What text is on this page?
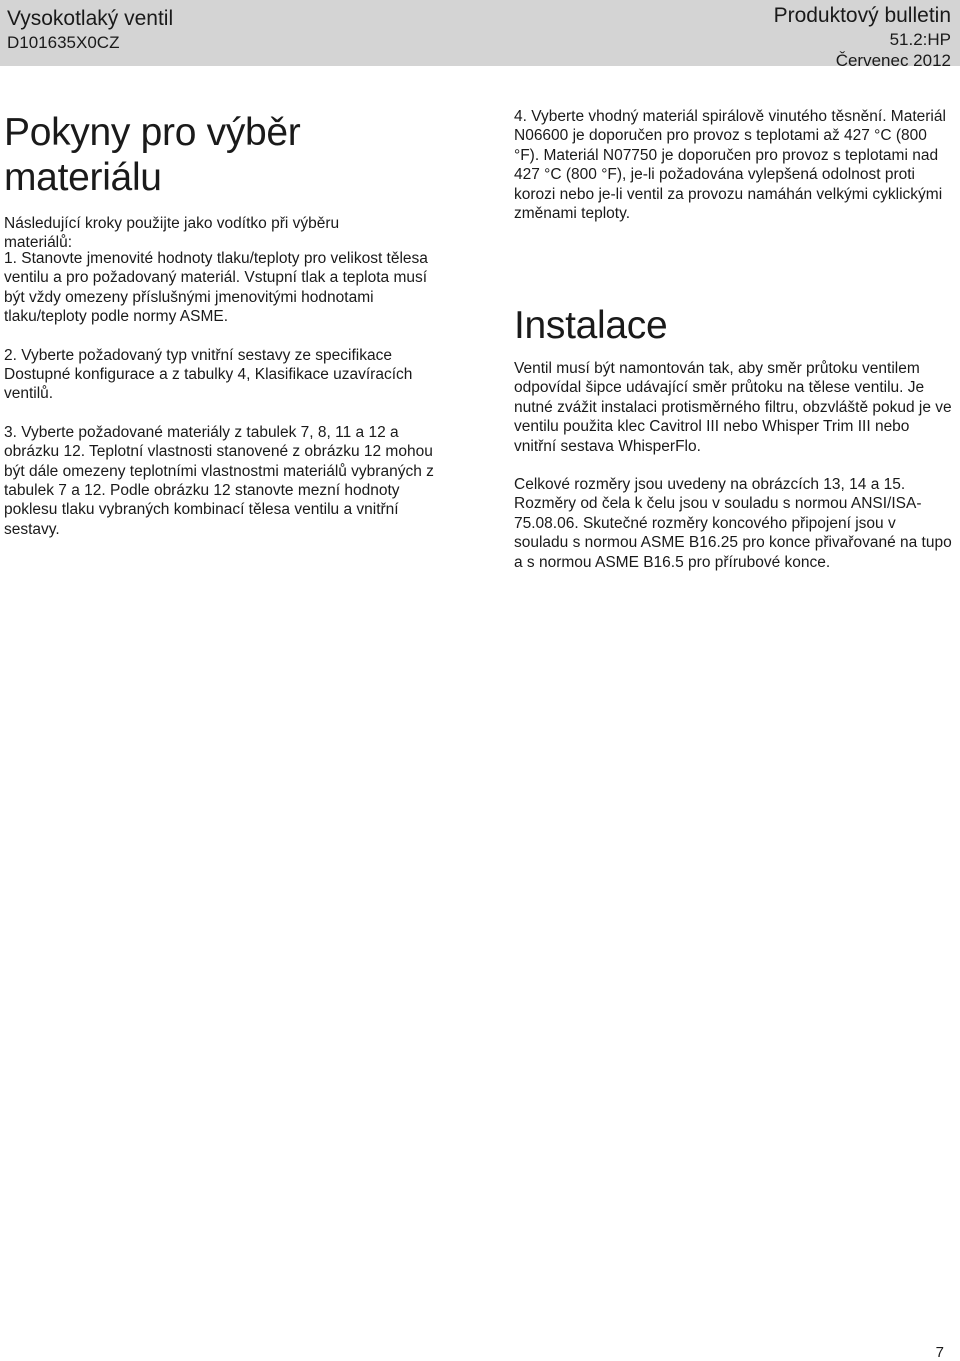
Vysokotlaký ventil
D101635X0CZ
Produktový bulletin
51.2:HP
Červenec 2012
Pokyny pro výběr materiálu

Následující kroky použijte jako vodítko při výběru materiálů:

1. Stanovte jmenovité hodnoty tlaku/teploty pro velikost tělesa ventilu a pro požadovaný materiál. Vstupní tlak a teplota musí být vždy omezeny příslušnými jmenovitými hodnotami tlaku/teploty podle normy ASME.

2. Vyberte požadovaný typ vnitřní sestavy ze specifikace Dostupné konfigurace a z tabulky 4, Klasifikace uzavíracích ventilů.

3. Vyberte požadované materiály z tabulek 7, 8, 11 a 12 a obrázku 12. Teplotní vlastnosti stanovené z obrázku 12 mohou být dále omezeny teplotními vlastnostmi materiálů vybraných z tabulek 7 a 12. Podle obrázku 12 stanovte mezní hodnoty poklesu tlaku vybraných kombinací tělesa ventilu a vnitřní sestavy.

4. Vyberte vhodný materiál spirálově vinutého těsnění. Materiál N06600 je doporučen pro provoz s teplotami až 427 °C (800 °F). Materiál N07750 je doporučen pro provoz s teplotami nad 427 °C (800 °F), je-li požadována vylepšená odolnost proti korozi nebo je-li ventil za provozu namáhán velkými cyklickými změnami teploty.

Instalace

Ventil musí být namontován tak, aby směr průtoku ventilem odpovídal šipce udávající směr průtoku na tělese ventilu. Je nutné zvážit instalaci protisměrného filtru, obzvláště pokud je ve ventilu použita klec Cavitrol III nebo Whisper Trim III nebo vnitřní sestava WhisperFlo.

Celkové rozměry jsou uvedeny na obrázcích 13, 14 a 15. Rozměry od čela k čelu jsou v souladu s normou ANSI/ISA-75.08.06. Skutečné rozměry koncového připojení jsou v souladu s normou ASME B16.25 pro konce přivařované na tupo a s normou ASME B16.5 pro přírubové konce.

7
